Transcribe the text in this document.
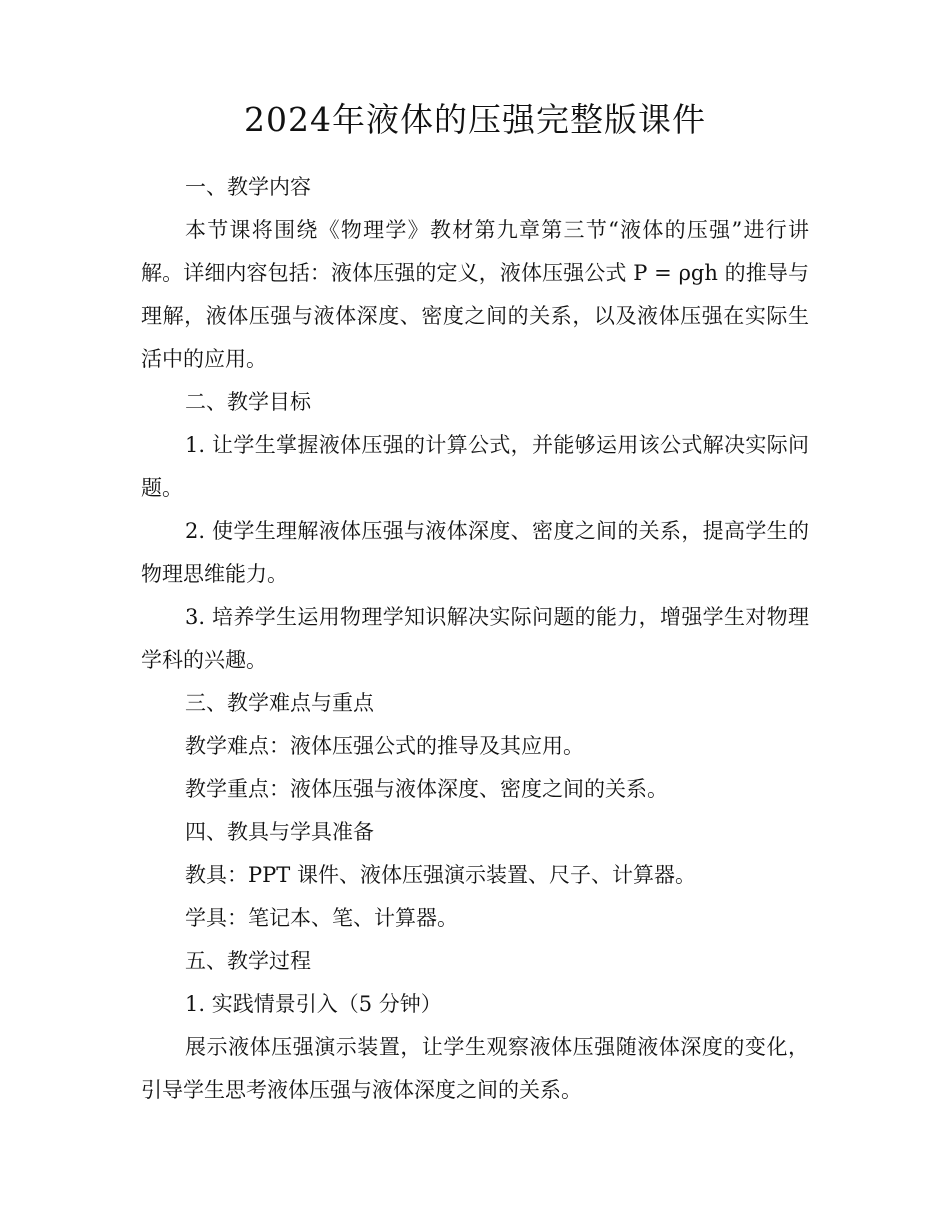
2024年液体的压强完整版课件

一、教学内容

本节课将围绕《物理学》教材第九章第三节“液体的压强”进行讲解。详细内容包括：液体压强的定义，液体压强公式 P = ρgh 的推导与理解，液体压强与液体深度、密度之间的关系，以及液体压强在实际生活中的应用。

二、教学目标

1. 让学生掌握液体压强的计算公式，并能够运用该公式解决实际问题。

2. 使学生理解液体压强与液体深度、密度之间的关系，提高学生的物理思维能力。

3. 培养学生运用物理学知识解决实际问题的能力，增强学生对物理学科的兴趣。

三、教学难点与重点

教学难点：液体压强公式的推导及其应用。

教学重点：液体压强与液体深度、密度之间的关系。

四、教具与学具准备

教具：PPT 课件、液体压强演示装置、尺子、计算器。

学具：笔记本、笔、计算器。

五、教学过程

1. 实践情景引入（5 分钟）

展示液体压强演示装置，让学生观察液体压强随液体深度的变化，引导学生思考液体压强与液体深度之间的关系。
